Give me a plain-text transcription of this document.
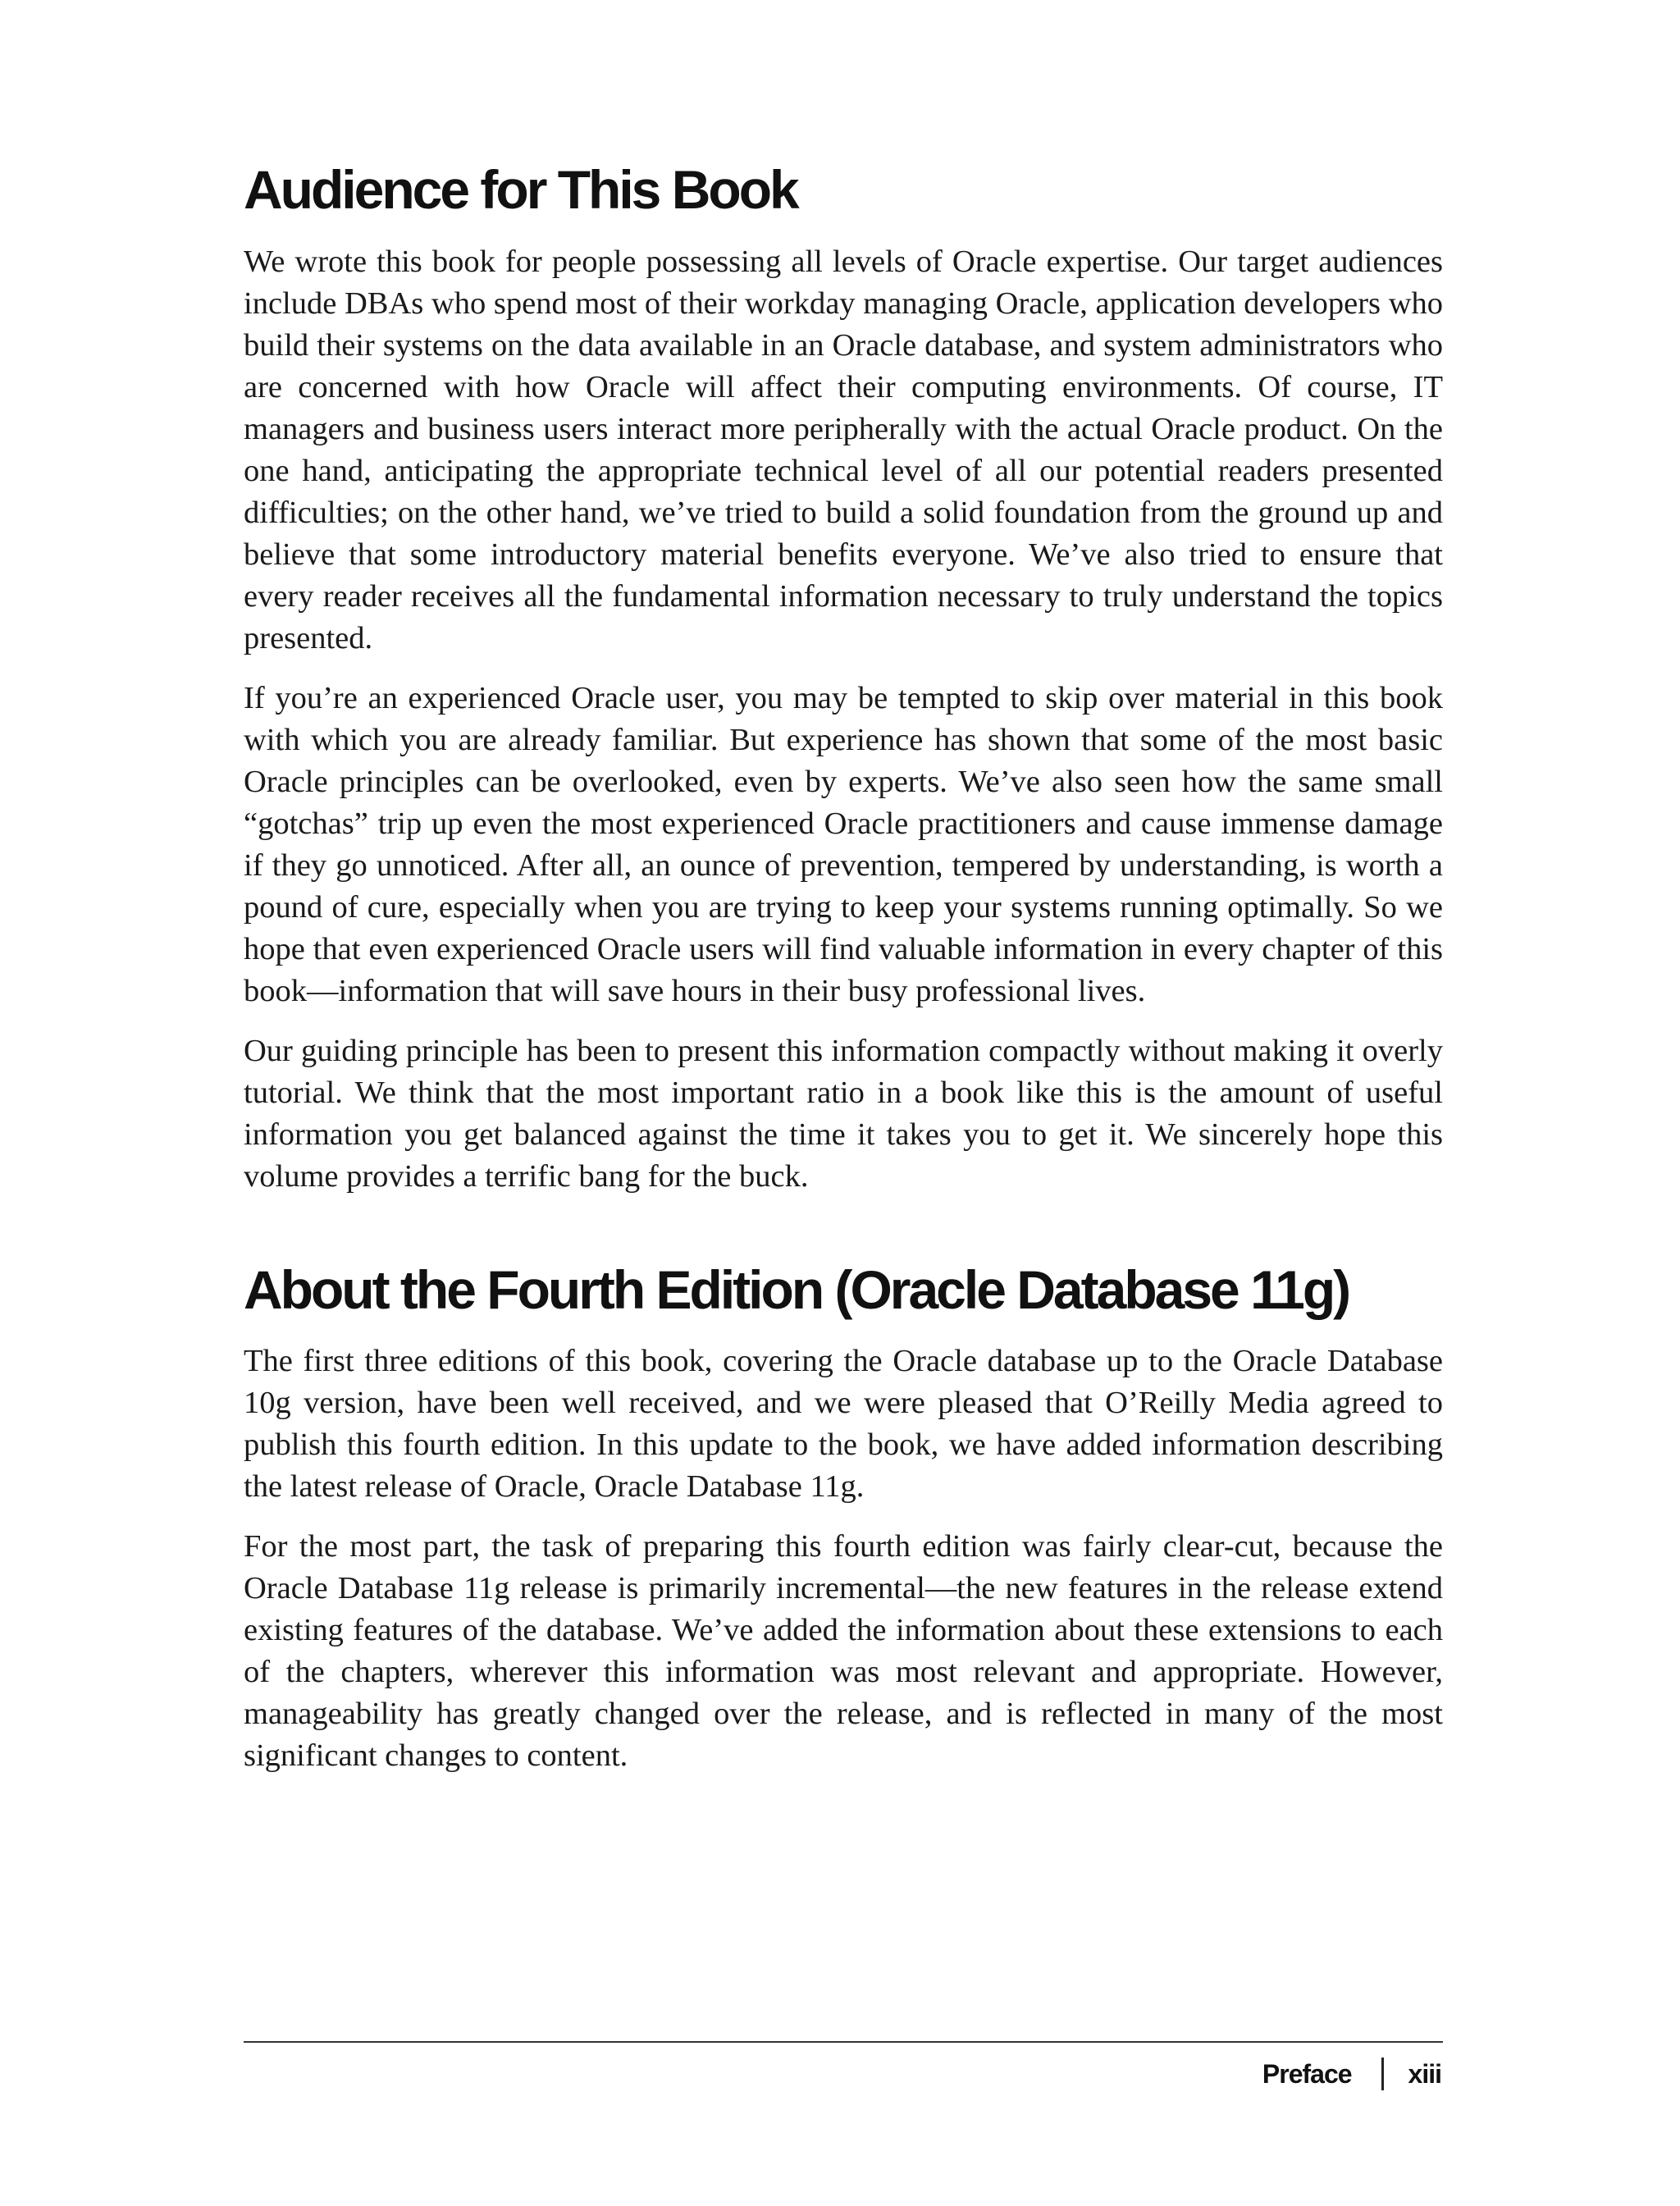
Audience for This Book

We wrote this book for people possessing all levels of Oracle expertise. Our target audiences include DBAs who spend most of their workday managing Oracle, application developers who build their systems on the data available in an Oracle database, and system administrators who are concerned with how Oracle will affect their computing environments. Of course, IT managers and business users interact more peripherally with the actual Oracle product. On the one hand, anticipating the appropriate technical level of all our potential readers presented difficulties; on the other hand, we’ve tried to build a solid foundation from the ground up and believe that some introductory material benefits everyone. We’ve also tried to ensure that every reader receives all the fundamental information necessary to truly understand the topics presented.

If you’re an experienced Oracle user, you may be tempted to skip over material in this book with which you are already familiar. But experience has shown that some of the most basic Oracle principles can be overlooked, even by experts. We’ve also seen how the same small “gotchas” trip up even the most experienced Oracle practitioners and cause immense damage if they go unnoticed. After all, an ounce of prevention, tempered by understanding, is worth a pound of cure, especially when you are trying to keep your systems running optimally. So we hope that even experienced Oracle users will find valuable information in every chapter of this book—information that will save hours in their busy professional lives.

Our guiding principle has been to present this information compactly without making it overly tutorial. We think that the most important ratio in a book like this is the amount of useful information you get balanced against the time it takes you to get it. We sincerely hope this volume provides a terrific bang for the buck.

About the Fourth Edition (Oracle Database 11g)

The first three editions of this book, covering the Oracle database up to the Oracle Database 10g version, have been well received, and we were pleased that O’Reilly Media agreed to publish this fourth edition. In this update to the book, we have added information describing the latest release of Oracle, Oracle Database 11g.

For the most part, the task of preparing this fourth edition was fairly clear-cut, because the Oracle Database 11g release is primarily incremental—the new features in the release extend existing features of the database. We’ve added the information about these extensions to each of the chapters, wherever this information was most relevant and appropriate. However, manageability has greatly changed over the release, and is reflected in many of the most significant changes to content.

Preface xiii
